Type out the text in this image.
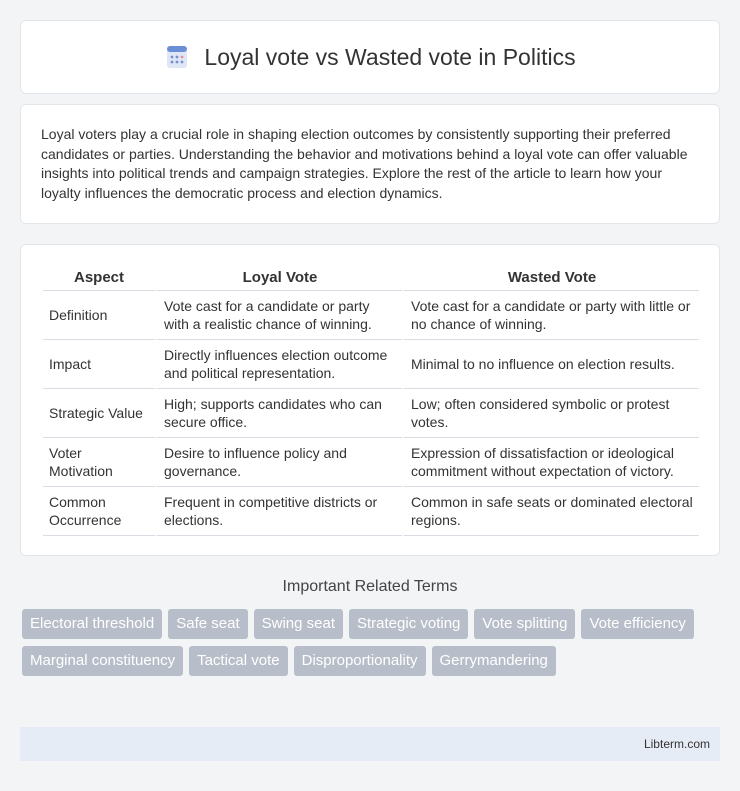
Loyal vote vs Wasted vote in Politics

Loyal voters play a crucial role in shaping election outcomes by consistently supporting their preferred candidates or parties. Understanding the behavior and motivations behind a loyal vote can offer valuable insights into political trends and campaign strategies. Explore the rest of the article to learn how your loyalty influences the democratic process and election dynamics.

Aspect	Loyal Vote	Wasted Vote
Definition	Vote cast for a candidate or party with a realistic chance of winning.	Vote cast for a candidate or party with little or no chance of winning.
Impact	Directly influences election outcome and political representation.	Minimal to no influence on election results.
Strategic Value	High; supports candidates who can secure office.	Low; often considered symbolic or protest votes.
Voter Motivation	Desire to influence policy and governance.	Expression of dissatisfaction or ideological commitment without expectation of victory.
Common Occurrence	Frequent in competitive districts or elections.	Common in safe seats or dominated electoral regions.
Important Related Terms
Electoral threshold	Safe seat	Swing seat	Strategic voting	Vote splitting	Vote efficiency
Marginal constituency	Tactical vote	Disproportionality	Gerrymandering
Libterm.com
